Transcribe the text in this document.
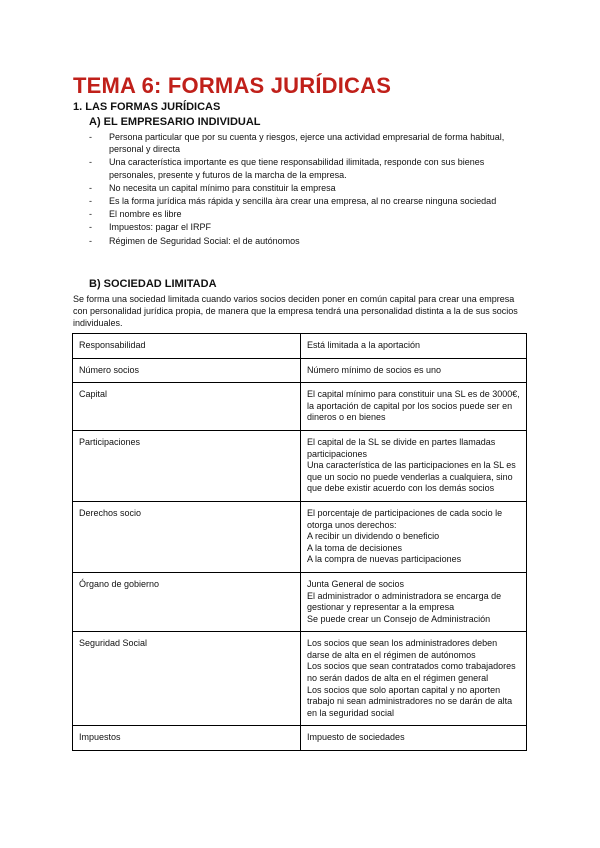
TEMA 6: FORMAS JURÍDICAS
1. LAS FORMAS JURÍDICAS
A) EL EMPRESARIO INDIVIDUAL
- Persona particular que por su cuenta y riesgos, ejerce una actividad empresarial de forma habitual, personal y directa
- Una característica importante es que tiene responsabilidad ilimitada, responde con sus bienes personales, presente y futuros de la marcha de la empresa.
- No necesita un capital mínimo para constituir la empresa
- Es la forma jurídica más rápida y sencilla àra crear una empresa, al no crearse ninguna sociedad
- El nombre es libre
- Impuestos: pagar el IRPF
- Régimen de Seguridad Social: el de autónomos
B) SOCIEDAD LIMITADA
Se forma una sociedad limitada cuando varios socios deciden poner en común capital para crear una empresa con personalidad jurídica propia, de manera que la empresa tendrá una personalidad distinta a la de sus socios individuales.
Responsabilidad	Está limitada a la aportación
Número socios	Número mínimo de socios es uno
Capital	El capital mínimo para constituir una SL es de 3000€, la aportación de capital por los socios puede ser en dineros o en bienes
Participaciones	El capital de la SL se divide en partes llamadas participaciones
Una característica de las participaciones en la SL es que un socio no puede venderlas a cualquiera, sino que debe existir acuerdo con los demás socios
Derechos socio	El porcentaje de participaciones de cada socio le otorga unos derechos:
A recibir un dividendo o beneficio
A la toma de decisiones
A la compra de nuevas participaciones
Órgano de gobierno	Junta General de socios
El administrador o administradora se encarga de gestionar y representar a la empresa
Se puede crear un Consejo de Administración
Seguridad Social	Los socios que sean los administradores deben darse de alta en el régimen de autónomos
Los socios que sean contratados como trabajadores no serán dados de alta en el régimen general
Los socios que solo aportan capital y no aporten trabajo ni sean administradores no se darán de alta en la seguridad social
Impuestos	Impuesto de sociedades
